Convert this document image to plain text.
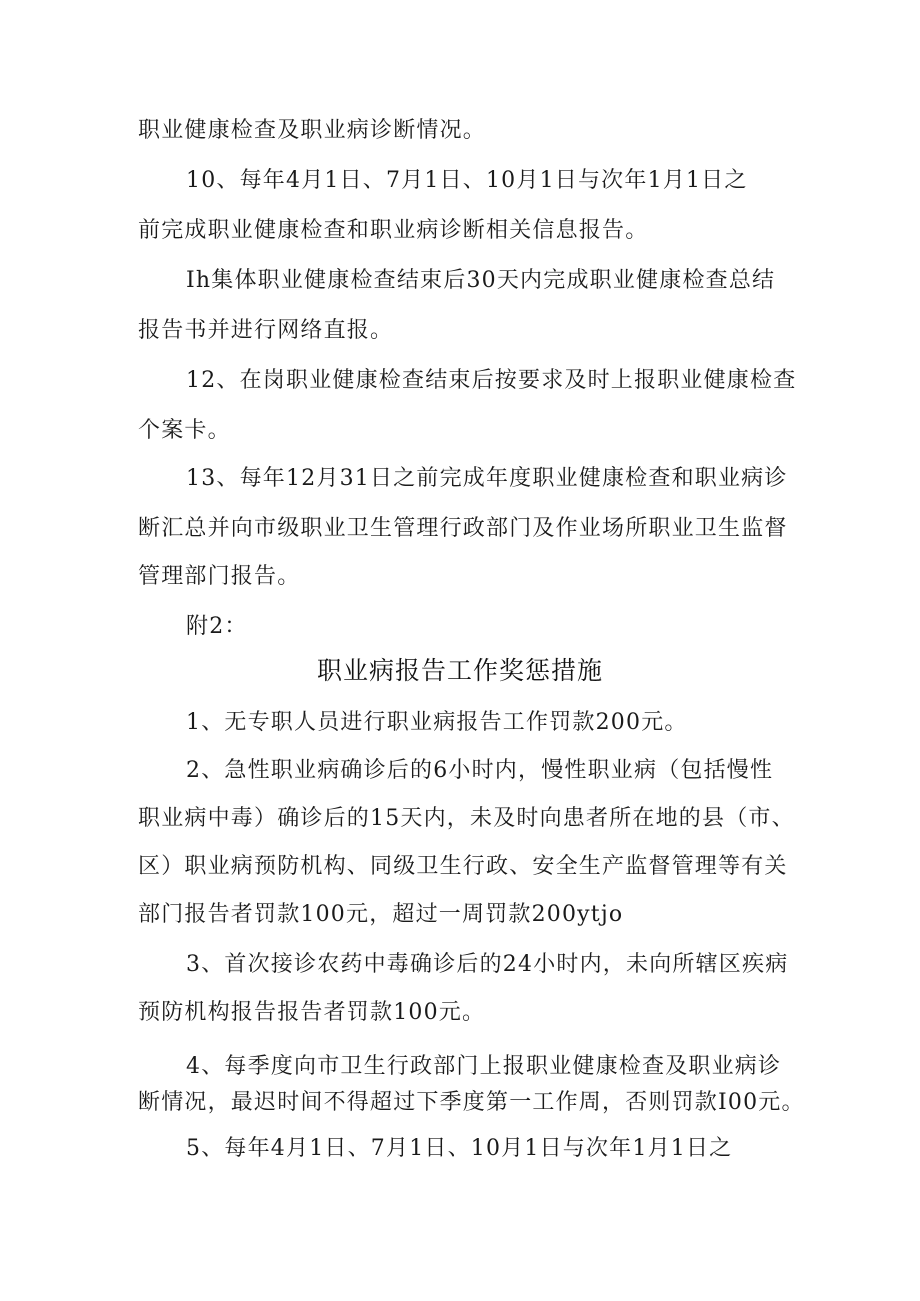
职业健康检查及职业病诊断情况。
10、每年4月1日、7月1日、10月1日与次年1月1日之
前完成职业健康检查和职业病诊断相关信息报告。
Ih集体职业健康检查结束后30天内完成职业健康检查总结
报告书并进行网络直报。
12、在岗职业健康检查结束后按要求及时上报职业健康检查
个案卡。
13、每年12月31日之前完成年度职业健康检查和职业病诊
断汇总并向市级职业卫生管理行政部门及作业场所职业卫生监督
管理部门报告。
附2：
职业病报告工作奖惩措施
1、无专职人员进行职业病报告工作罚款200元。
2、急性职业病确诊后的6小时内，慢性职业病（包括慢性
职业病中毒）确诊后的15天内，未及时向患者所在地的县（市、
区）职业病预防机构、同级卫生行政、安全生产监督管理等有关
部门报告者罚款100元，超过一周罚款200ytjo
3、首次接诊农药中毒确诊后的24小时内，未向所辖区疾病
预防机构报告报告者罚款100元。
4、每季度向市卫生行政部门上报职业健康检查及职业病诊
断情况，最迟时间不得超过下季度第一工作周，否则罚款I00元。
5、每年4月1日、7月1日、10月1日与次年1月1日之
